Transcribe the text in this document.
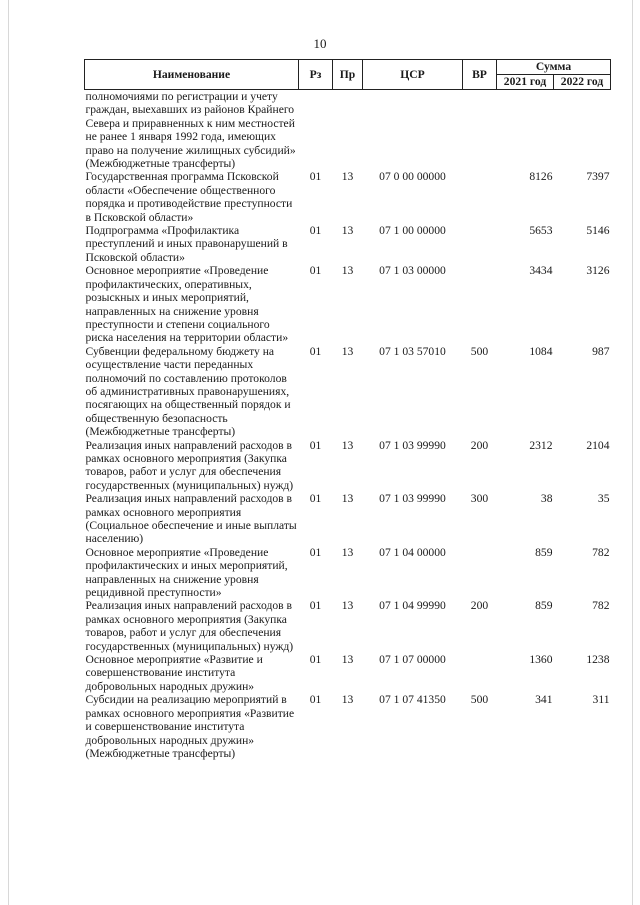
10
Наименование	Рз	Пр	ЦСР	ВР	Сумма	
					2021 год	2022 год
полномочиями по регистрации и учету граждан, выехавших из районов Крайнего Севера и приравненных к ним местностей не ранее 1 января 1992 года, имеющих право на получение жилищных субсидий» (Межбюджетные трансферты)						
Государственная программа Псковской области «Обеспечение общественного порядка и противодействие преступности в Псковской области»	01	13	07 0 00 00000		8126	7397
Подпрограмма «Профилактика преступлений и иных правонарушений в Псковской области»	01	13	07 1 00 00000		5653	5146
Основное мероприятие «Проведение профилактических, оперативных, розыскных и иных мероприятий, направленных на снижение уровня преступности и степени социального риска населения на территории области»	01	13	07 1 03 00000		3434	3126
Субвенции федеральному бюджету на осуществление части переданных полномочий по составлению протоколов об административных правонарушениях, посягающих на общественный порядок и общественную безопасность (Межбюджетные трансферты)	01	13	07 1 03 57010	500	1084	987
Реализация иных направлений расходов в рамках основного мероприятия (Закупка товаров, работ и услуг для обеспечения государственных (муниципальных) нужд)	01	13	07 1 03 99990	200	2312	2104
Реализация иных направлений расходов в рамках основного мероприятия (Социальное обеспечение и иные выплаты населению)	01	13	07 1 03 99990	300	38	35
Основное мероприятие «Проведение профилактических и иных мероприятий, направленных на снижение уровня рецидивной преступности»	01	13	07 1 04 00000		859	782
Реализация иных направлений расходов в рамках основного мероприятия (Закупка товаров, работ и услуг для обеспечения государственных (муниципальных) нужд)	01	13	07 1 04 99990	200	859	782
Основное мероприятие «Развитие и совершенствование института добровольных народных дружин»	01	13	07 1 07 00000		1360	1238
Субсидии на реализацию мероприятий в рамках основного мероприятия «Развитие и совершенствование института добровольных народных дружин» (Межбюджетные трансферты)	01	13	07 1 07 41350	500	341	311
